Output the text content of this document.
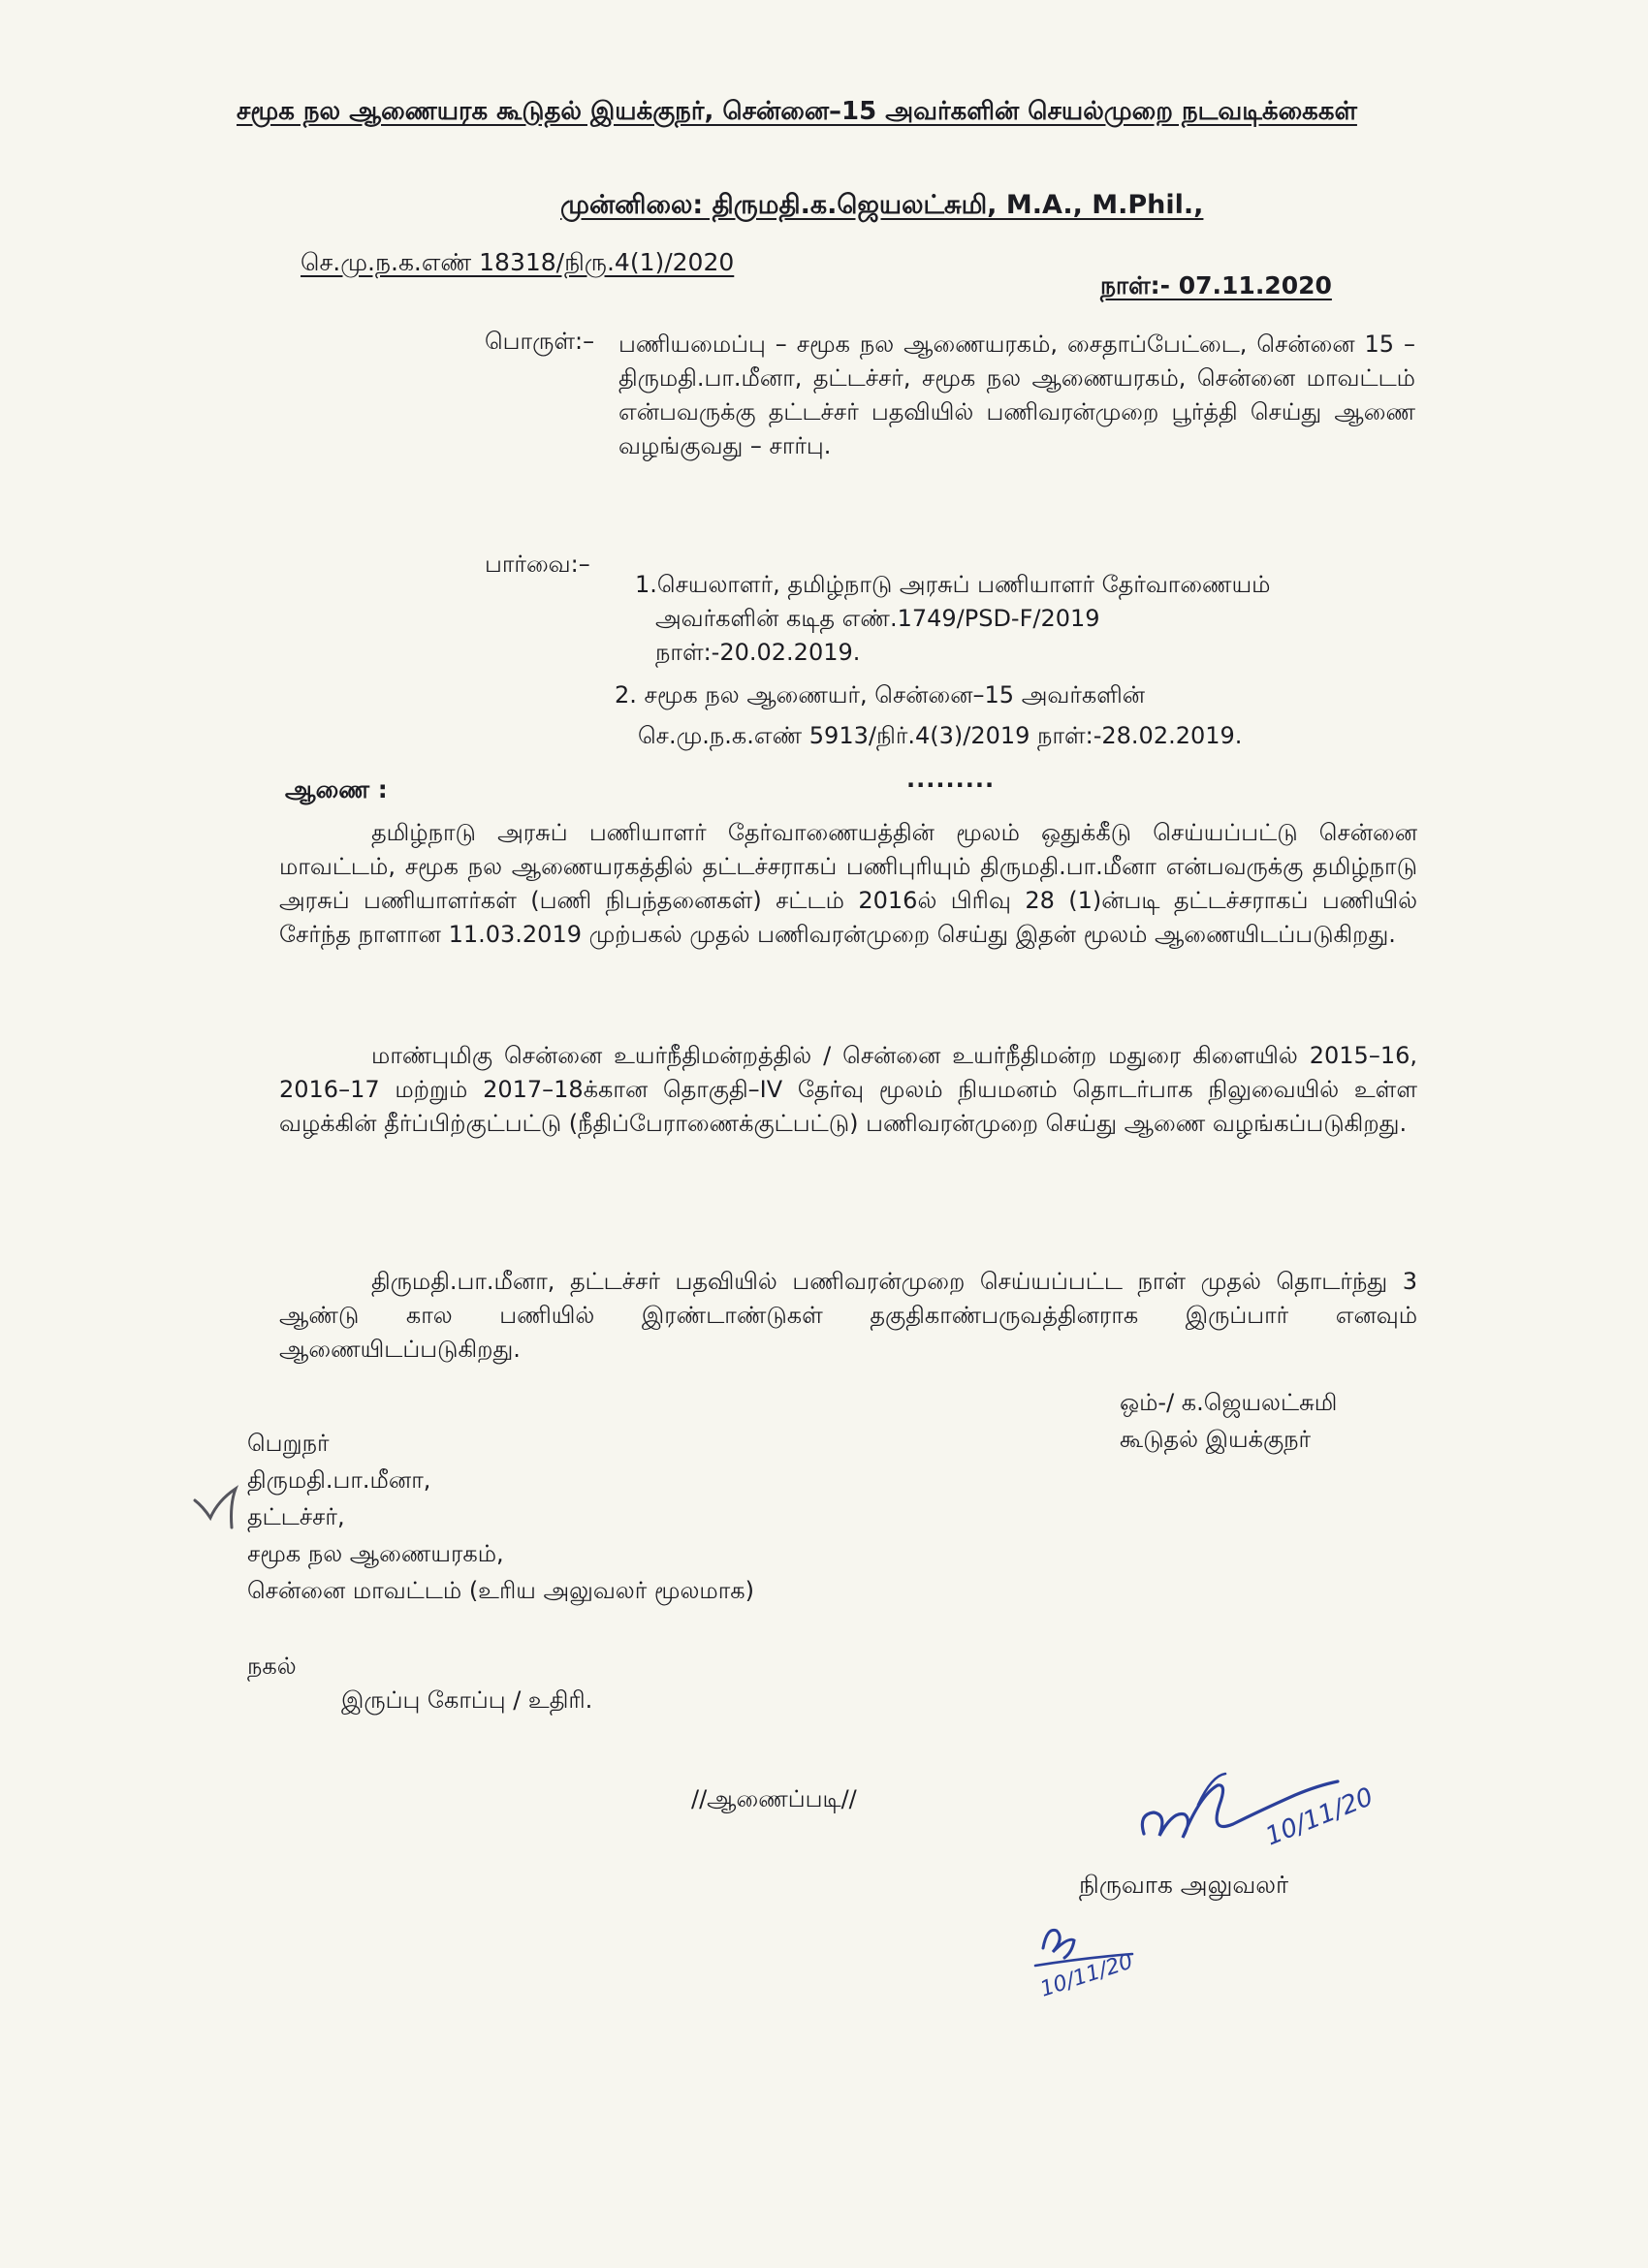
சமூக நல ஆணையரக கூடுதல் இயக்குநர், சென்னை–15 அவர்களின் செயல்முறை நடவடிக்கைகள்
முன்னிலை: திருமதி.க.ஜெயலட்சுமி, M.A., M.Phil.,
செ.மு.ந.க.எண் 18318/நிரு.4(1)/2020
நாள்:- 07.11.2020
பொருள்:– பணியமைப்பு – சமூக நல ஆணையரகம், சைதாப்பேட்டை, சென்னை 15 – திருமதி.பா.மீனா, தட்டச்சர், சமூக நல ஆணையரகம், சென்னை மாவட்டம் என்பவருக்கு தட்டச்சர் பதவியில் பணிவரன்முறை பூர்த்தி செய்து ஆணை வழங்குவது – சார்பு.
பார்வை:–
1.செயலாளர், தமிழ்நாடு அரசுப் பணியாளர் தேர்வாணையம்
அவர்களின் கடித எண்.1749/PSD-F/2019
நாள்:-20.02.2019.
2. சமூக நல ஆணையர், சென்னை–15 அவர்களின்
செ.மு.ந.க.எண் 5913/நிர்.4(3)/2019 நாள்:-28.02.2019.
.........
ஆணை :
தமிழ்நாடு அரசுப் பணியாளர் தேர்வாணையத்தின் மூலம் ஒதுக்கீடு செய்யப்பட்டு சென்னை மாவட்டம், சமூக நல ஆணையரகத்தில் தட்டச்சராகப் பணிபுரியும் திருமதி.பா.மீனா என்பவருக்கு தமிழ்நாடு அரசுப் பணியாளர்கள் (பணி நிபந்தனைகள்) சட்டம் 2016ல் பிரிவு 28 (1)ன்படி தட்டச்சராகப் பணியில் சேர்ந்த நாளான 11.03.2019 முற்பகல் முதல் பணிவரன்முறை செய்து இதன் மூலம் ஆணையிடப்படுகிறது.
மாண்புமிகு சென்னை உயர்நீதிமன்றத்தில் / சென்னை உயர்நீதிமன்ற மதுரை கிளையில் 2015–16, 2016–17 மற்றும் 2017–18க்கான தொகுதி–IV தேர்வு மூலம் நியமனம் தொடர்பாக நிலுவையில் உள்ள வழக்கின் தீர்ப்பிற்குட்பட்டு (நீதிப்பேராணைக்குட்பட்டு) பணிவரன்முறை செய்து ஆணை வழங்கப்படுகிறது.
திருமதி.பா.மீனா, தட்டச்சர் பதவியில் பணிவரன்முறை செய்யப்பட்ட நாள் முதல் தொடர்ந்து 3 ஆண்டு கால பணியில் இரண்டாண்டுகள் தகுதிகாண்பருவத்தினராக இருப்பார் எனவும் ஆணையிடப்படுகிறது.
ஒம்-/ க.ஜெயலட்சுமி
கூடுதல் இயக்குநர்
பெறுநர்
திருமதி.பா.மீனா,
தட்டச்சர்,
சமூக நல ஆணையரகம்,
சென்னை மாவட்டம் (உரிய அலுவலர் மூலமாக)
நகல்
இருப்பு கோப்பு / உதிரி.
//ஆணைப்படி//	10/11/20
நிருவாக அலுவலர்
10/11/20
